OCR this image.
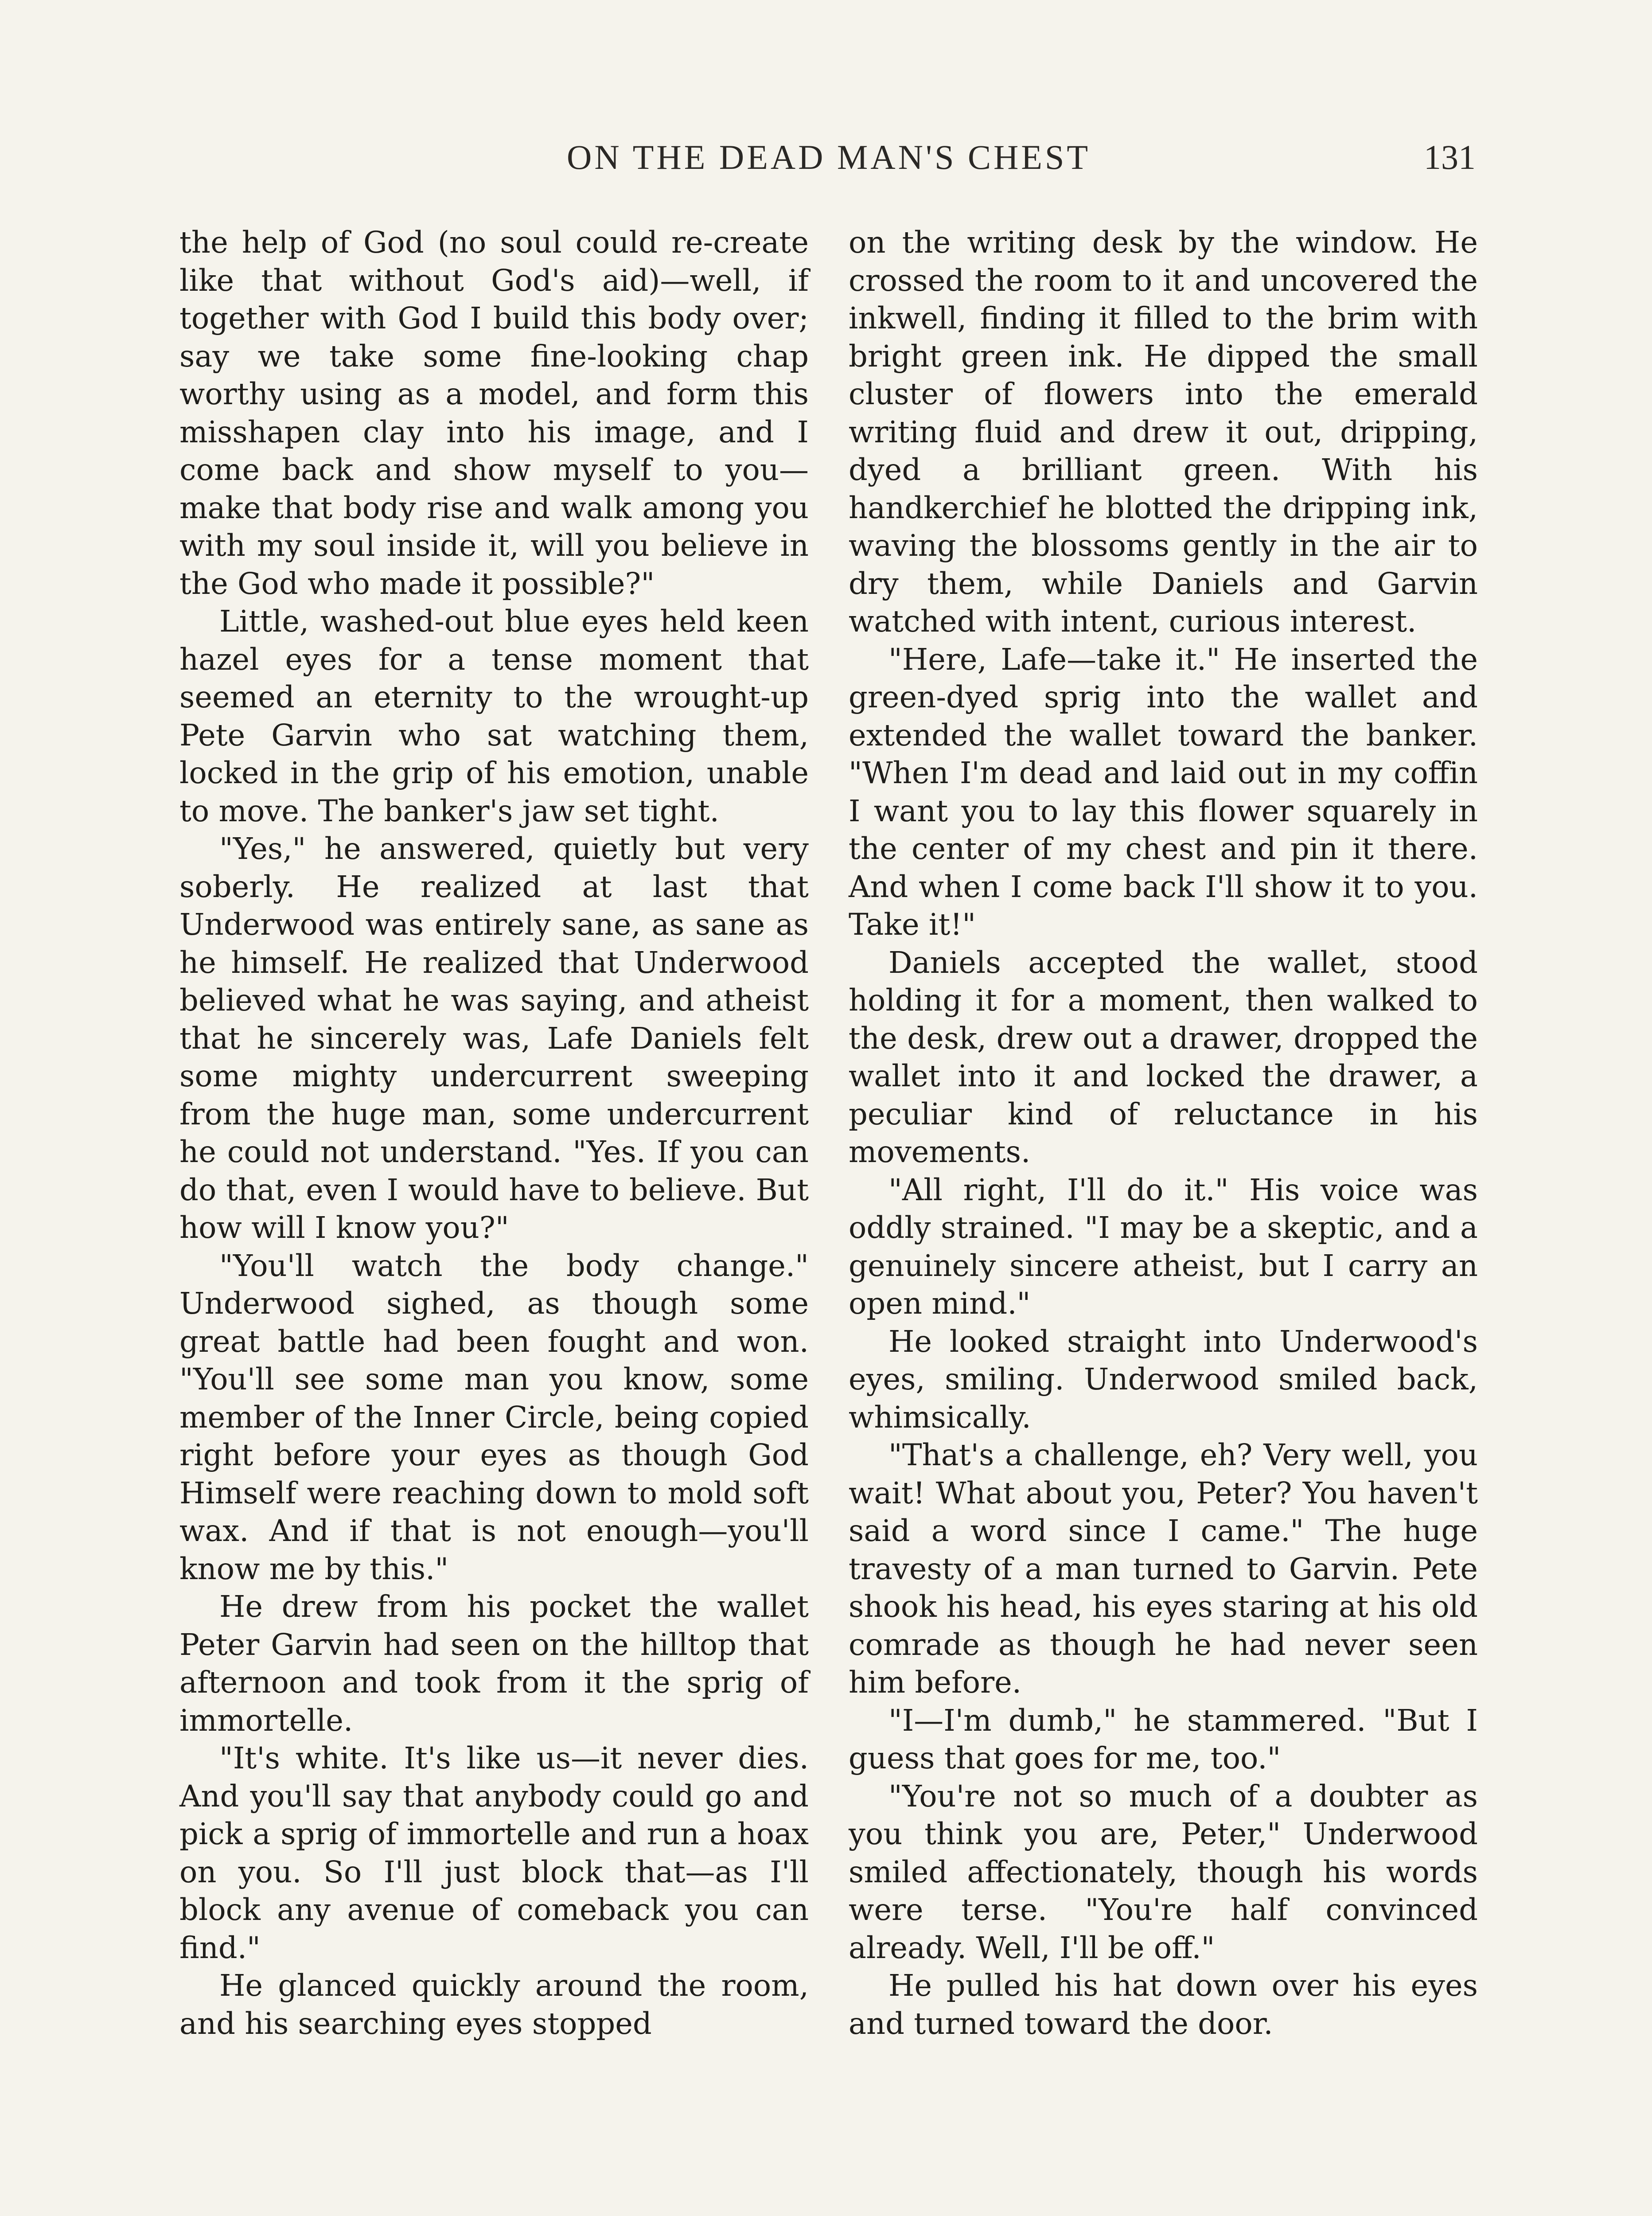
ON THE DEAD MAN'S CHEST	131

the help of God (no soul could re-create like that without God's aid)—well, if together with God I build this body over; say we take some fine-looking chap worthy using as a model, and form this misshapen clay into his image, and I come back and show myself to you—make that body rise and walk among you with my soul inside it, will you believe in the God who made it possible?"

Little, washed-out blue eyes held keen hazel eyes for a tense moment that seemed an eternity to the wrought-up Pete Garvin who sat watching them, locked in the grip of his emotion, unable to move. The banker's jaw set tight.

"Yes," he answered, quietly but very soberly. He realized at last that Underwood was entirely sane, as sane as he himself. He realized that Underwood believed what he was saying, and atheist that he sincerely was, Lafe Daniels felt some mighty undercurrent sweeping from the huge man, some undercurrent he could not understand. "Yes. If you can do that, even I would have to believe. But how will I know you?"

"You'll watch the body change." Underwood sighed, as though some great battle had been fought and won. "You'll see some man you know, some member of the Inner Circle, being copied right before your eyes as though God Himself were reaching down to mold soft wax. And if that is not enough—you'll know me by this."

He drew from his pocket the wallet Peter Garvin had seen on the hilltop that afternoon and took from it the sprig of immortelle.

"It's white. It's like us—it never dies. And you'll say that anybody could go and pick a sprig of immortelle and run a hoax on you. So I'll just block that—as I'll block any avenue of comeback you can find."

He glanced quickly around the room, and his searching eyes stopped

on the writing desk by the window. He crossed the room to it and uncovered the inkwell, finding it filled to the brim with bright green ink. He dipped the small cluster of flowers into the emerald writing fluid and drew it out, dripping, dyed a brilliant green. With his handkerchief he blotted the dripping ink, waving the blossoms gently in the air to dry them, while Daniels and Garvin watched with intent, curious interest.

"Here, Lafe—take it." He inserted the green-dyed sprig into the wallet and extended the wallet toward the banker. "When I'm dead and laid out in my coffin I want you to lay this flower squarely in the center of my chest and pin it there. And when I come back I'll show it to you. Take it!"

Daniels accepted the wallet, stood holding it for a moment, then walked to the desk, drew out a drawer, dropped the wallet into it and locked the drawer, a peculiar kind of reluctance in his movements.

"All right, I'll do it." His voice was oddly strained. "I may be a skeptic, and a genuinely sincere atheist, but I carry an open mind."

He looked straight into Underwood's eyes, smiling. Underwood smiled back, whimsically.

"That's a challenge, eh? Very well, you wait! What about you, Peter? You haven't said a word since I came." The huge travesty of a man turned to Garvin. Pete shook his head, his eyes staring at his old comrade as though he had never seen him before.

"I—I'm dumb," he stammered. "But I guess that goes for me, too."

"You're not so much of a doubter as you think you are, Peter," Underwood smiled affectionately, though his words were terse. "You're half convinced already. Well, I'll be off."

He pulled his hat down over his eyes and turned toward the door.
